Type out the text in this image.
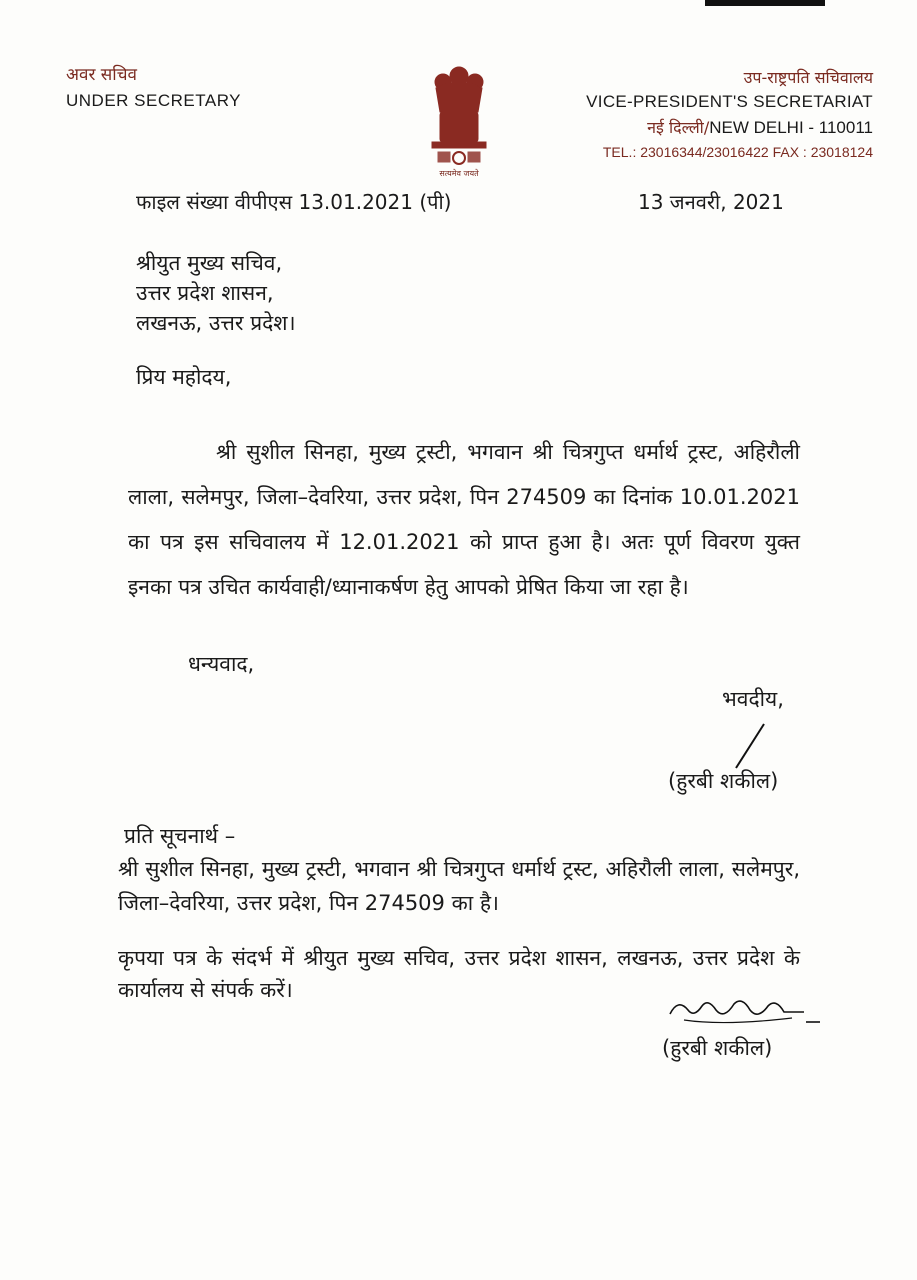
अवर सचिव
UNDER SECRETARY
सत्यमेव जयते
उप-राष्ट्रपति सचिवालय
VICE-PRESIDENT'S SECRETARIAT
नई दिल्ली/NEW DELHI - 110011
TEL.: 23016344/23016422 FAX : 23018124
फाइल संख्या वीपीएस 13.01.2021 (पी)	13 जनवरी, 2021
श्रीयुत मुख्य सचिव,
उत्तर प्रदेश शासन,
लखनऊ, उत्तर प्रदेश।
प्रिय महोदय,
श्री सुशील सिनहा, मुख्य ट्रस्टी, भगवान श्री चित्रगुप्त धर्मार्थ ट्रस्ट, अहिरौली लाला, सलेमपुर, जिला–देवरिया, उत्तर प्रदेश, पिन 274509 का दिनांक 10.01.2021 का पत्र इस सचिवालय में 12.01.2021 को प्राप्त हुआ है। अतः पूर्ण विवरण युक्त इनका पत्र उचित कार्यवाही/ध्यानाकर्षण हेतु आपको प्रेषित किया जा रहा है।
धन्यवाद,
भवदीय,
(हुरबी शकील)
प्रति सूचनार्थ –
श्री सुशील सिनहा, मुख्य ट्रस्टी, भगवान श्री चित्रगुप्त धर्मार्थ ट्रस्ट, अहिरौली लाला, सलेमपुर, जिला–देवरिया, उत्तर प्रदेश, पिन 274509 का है।
कृपया पत्र के संदर्भ में श्रीयुत मुख्य सचिव, उत्तर प्रदेश शासन, लखनऊ, उत्तर प्रदेश के कार्यालय से संपर्क करें।
(हुरबी शकील)
